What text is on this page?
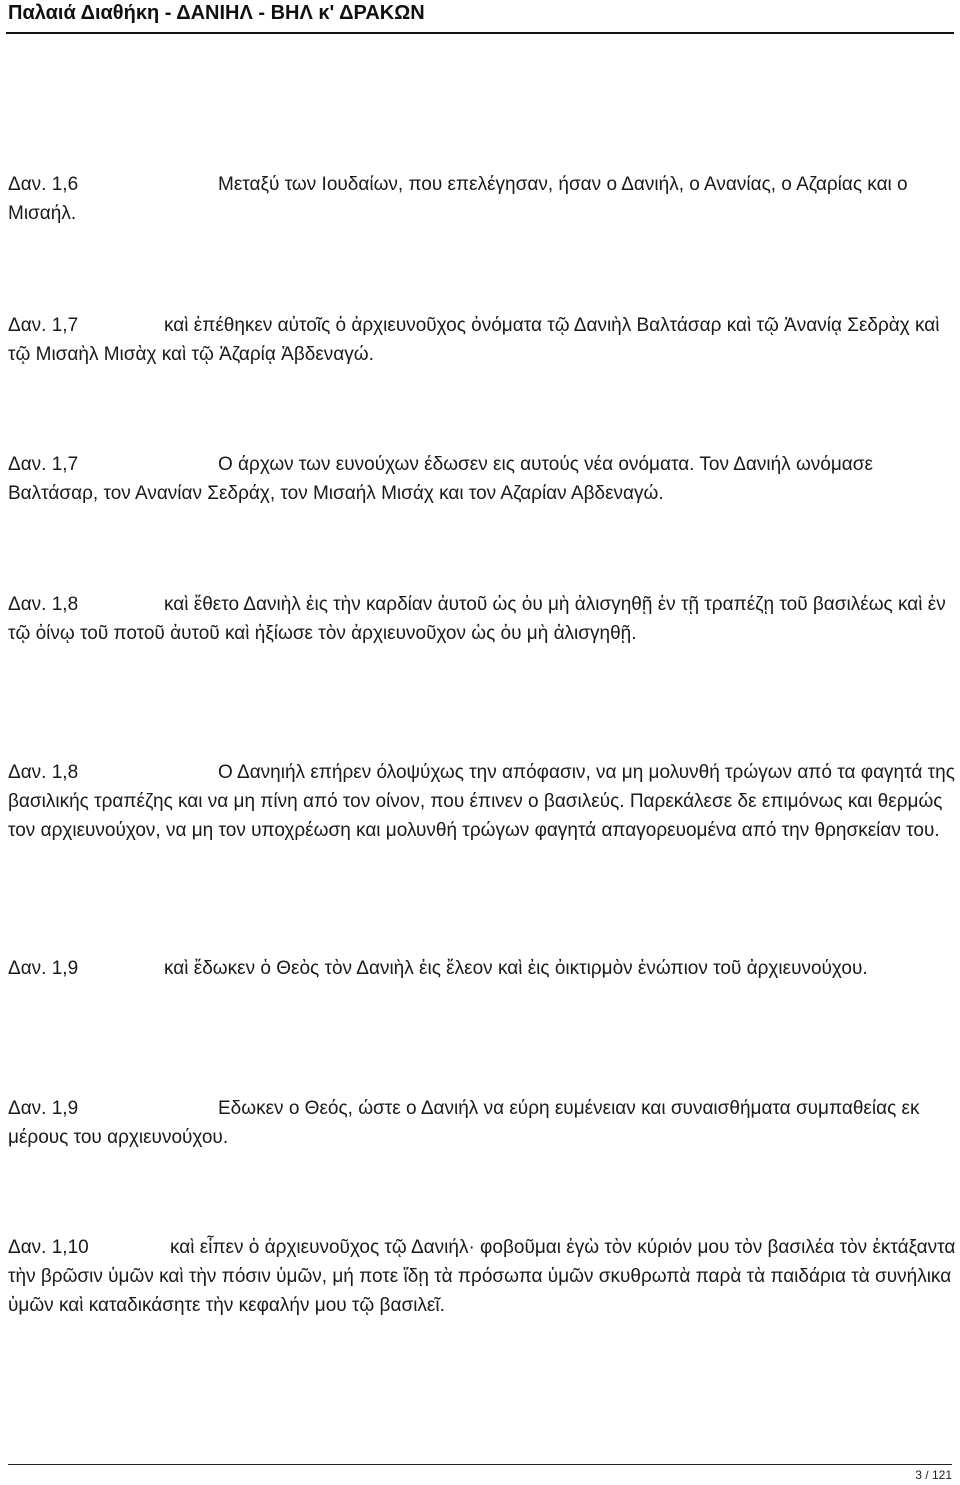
Παλαιά Διαθήκη - ΔΑΝΙΗΛ - ΒΗΛ κ' ΔΡΑΚΩΝ
Δαν. 1,6	Μεταξύ των Ιουδαίων, που επελέγησαν, ήσαν ο Δανιήλ, ο Ανανίας, ο Αζαρίας και ο Μισαήλ.
Δαν. 1,7	καὶ ἐπέθηκεν αὐτοῖς ὁ ἀρχιευνοῦχος ὀνόματα τῷ Δανιὴλ Βαλτάσαρ καὶ τῷ Ἀνανίᾳ Σεδρὰχ καὶ τῷ Μισαὴλ Μισὰχ καὶ τῷ Ἀζαρίᾳ Ἀβδεναγώ.
Δαν. 1,7	Ο άρχων των ευνούχων έδωσεν εις αυτούς νέα ονόματα. Τον Δανιήλ ωνόμασε Βαλτάσαρ, τον Ανανίαν Σεδράχ, τον Μισαήλ Μισάχ και τον Αζαρίαν Αβδεναγώ.
Δαν. 1,8	καὶ ἔθετο Δανιὴλ ἐις τὴν καρδίαν ἀυτοῦ ὡς ὀυ μὴ ἀλισγηθῇ ἐν τῇ τραπέζῃ τοῦ βασιλέως καὶ ἐν τῷ ὀίνῳ τοῦ ποτοῦ ἀυτοῦ καὶ ἠξίωσε τὸν ἀρχιευνοῦχον ὡς ὀυ μὴ ἀλισγηθῇ.
Δαν. 1,8	Ο Δανηιήλ επήρεν όλοψύχως την απόφασιν, να μη μολυνθή τρώγων από τα φαγητά της βασιλικής τραπέζης και να μη πίνη από τον οίνον, που έπινεν ο βασιλεύς. Παρεκάλεσε δε επιμόνως και θερμώς τον αρχιευνούχον, να μη τον υποχρέωση και μολυνθή τρώγων φαγητά απαγορευομένα από την θρησκείαν του.
Δαν. 1,9	καὶ ἔδωκεν ὁ Θεὸς τὸν Δανιὴλ ἐις ἔλεον καὶ ἐις ὀικτιρμὸν ἐνώπιον τοῦ ἀρχιευνούχου.
Δαν. 1,9	Εδωκεν ο Θεός, ώστε ο Δανιήλ να εύρη ευμένειαν και συναισθήματα συμπαθείας εκ μέρους του αρχιευνούχου.
Δαν. 1,10	καὶ εἶπεν ὁ ἀρχιευνοῦχος τῷ Δανιήλ· φοβοῦμαι ἐγὼ τὸν κύριόν μου τὸν βασιλέα τὸν ἐκτάξαντα τὴν βρῶσιν ὑμῶν καὶ τὴν πόσιν ὑμῶν, μή ποτε ἴδῃ τὰ πρόσωπα ὑμῶν σκυθρωπὰ παρὰ τὰ παιδάρια τὰ συνήλικα ὑμῶν καὶ καταδικάσητε τὴν κεφαλήν μου τῷ βασιλεῖ.
3 / 121
